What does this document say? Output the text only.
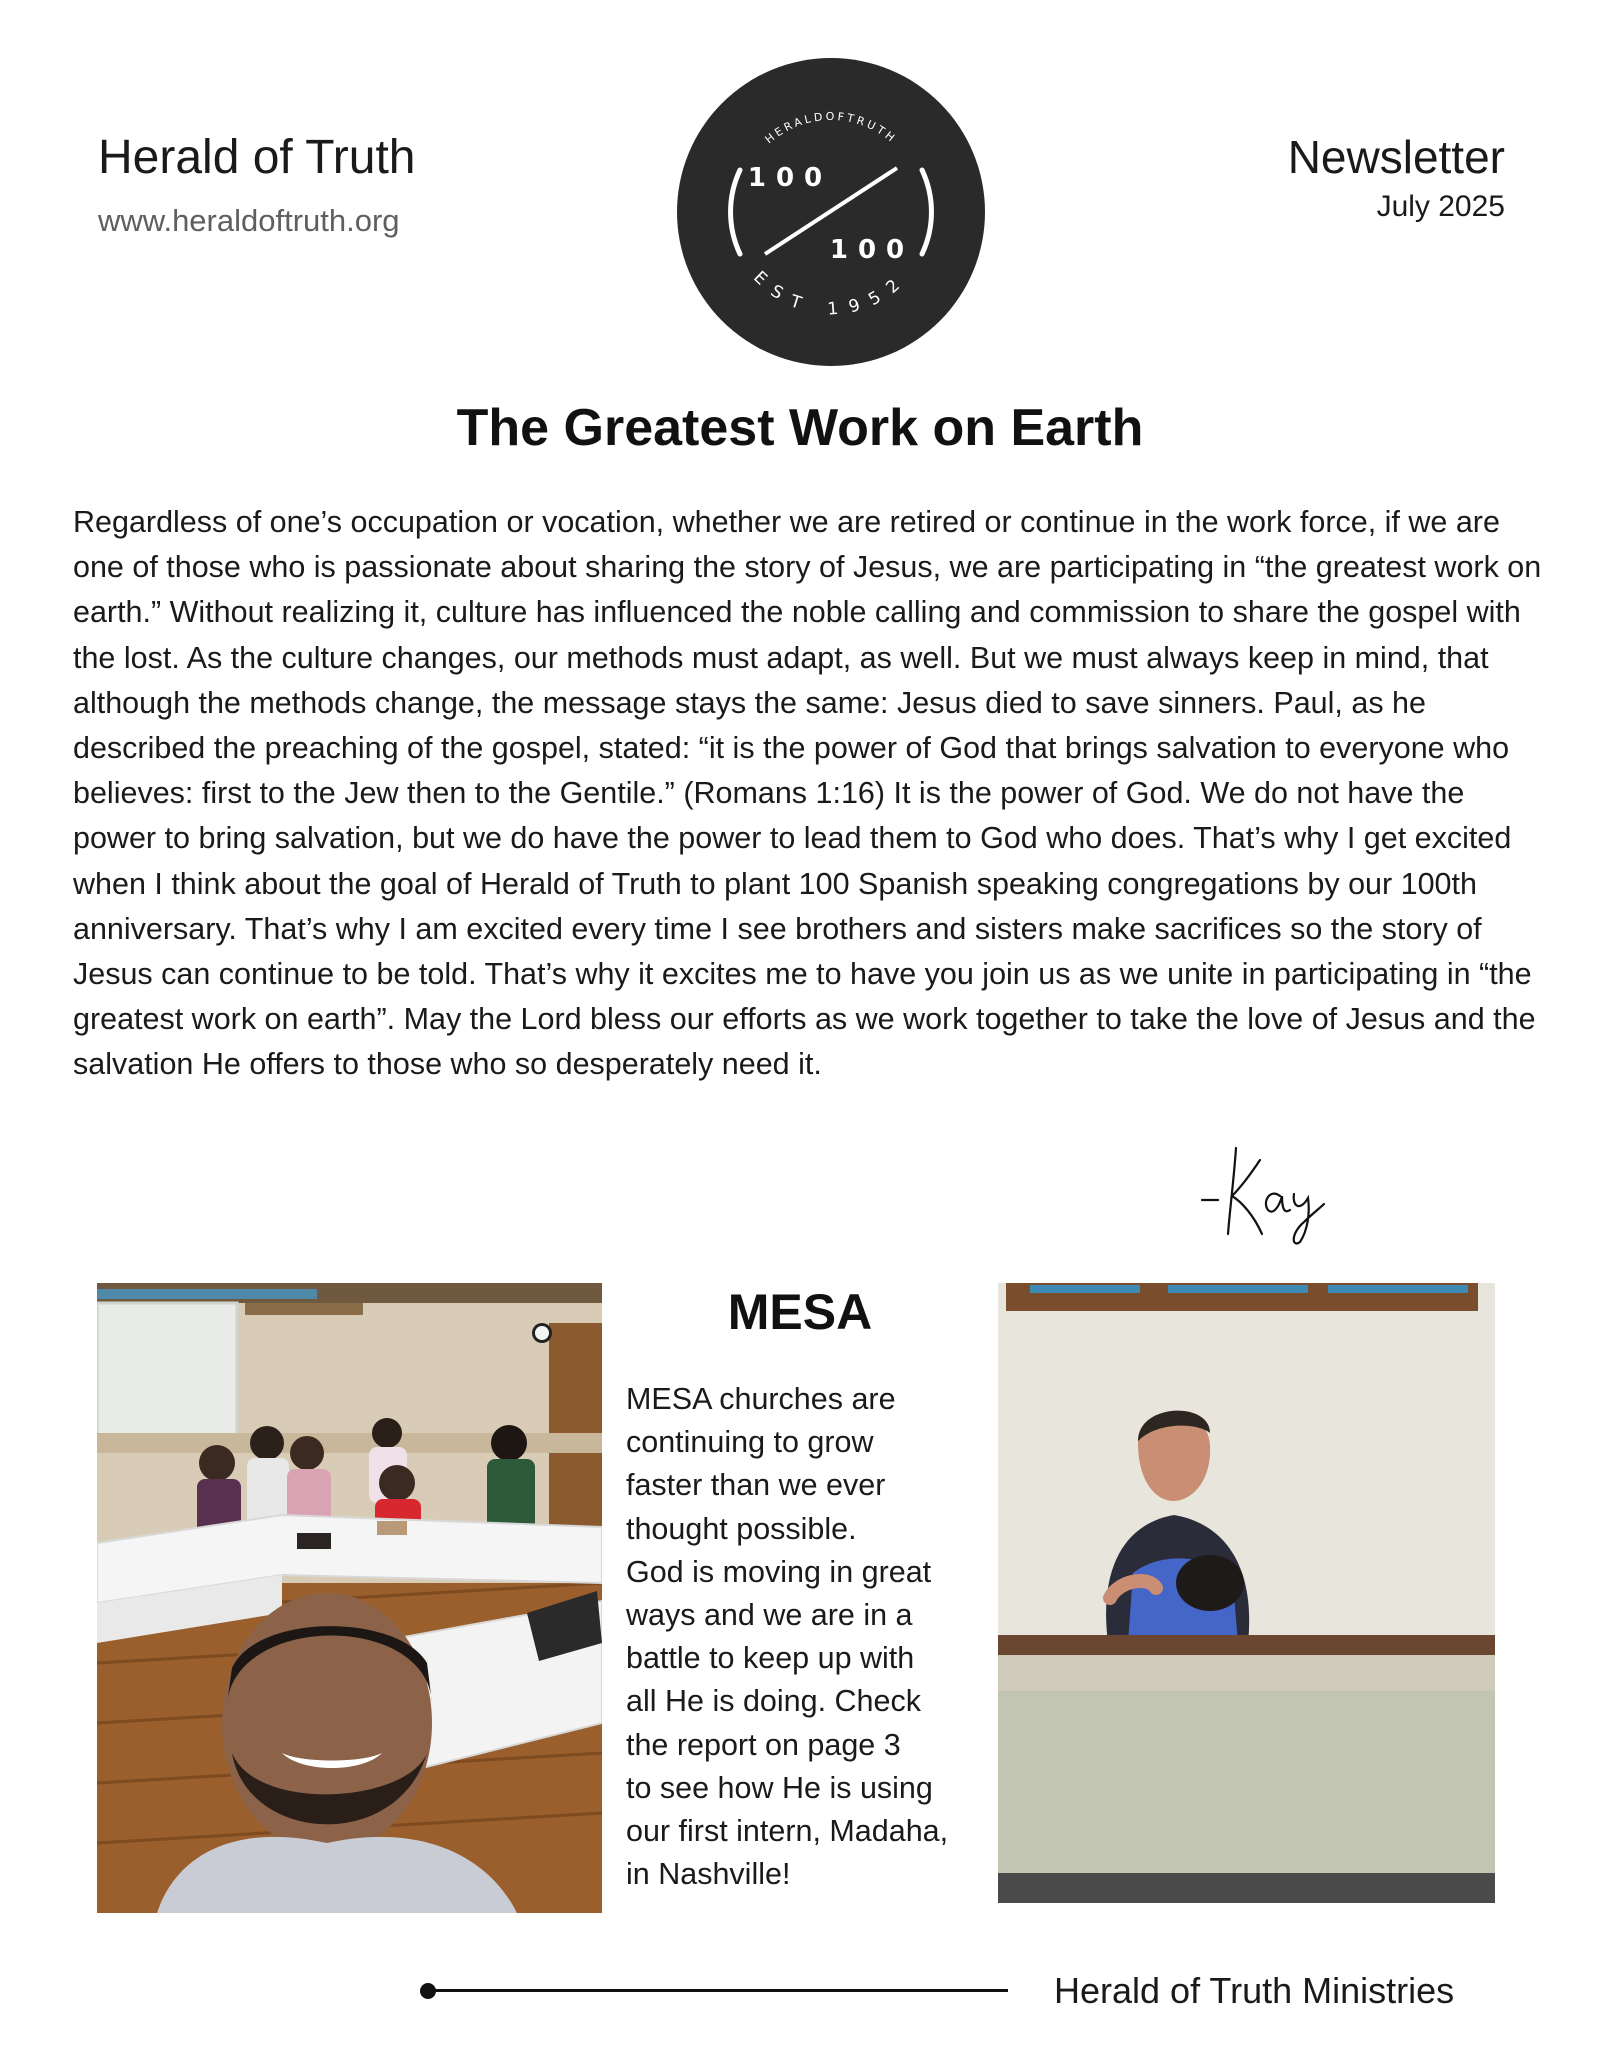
Herald of Truth
www.heraldoftruth.org
HERALDOFTRUTH
EST 1952
100
100
Newsletter
July 2025
The Greatest Work on Earth

Regardless of one’s occupation or vocation, whether we are retired or continue in the work force, if we are one of those who is passionate about sharing the story of Jesus, we are participating in “the greatest work on earth.” Without realizing it, culture has influenced the noble calling and commission to share the gospel with the lost. As the culture changes, our methods must adapt, as well. But we must always keep in mind, that although the methods change, the message stays the same: Jesus died to save sinners. Paul, as he described the preaching of the gospel, stated: “it is the power of God that brings salvation to everyone who believes: first to the Jew then to the Gentile.” (Romans 1:16) It is the power of God. We do not have the power to bring salvation, but we do have the power to lead them to God who does. That’s why I get excited when I think about the goal of Herald of Truth to plant 100 Spanish speaking congregations by our 100th anniversary. That’s why I am excited every time I see brothers and sisters make sacrifices so the story of Jesus can continue to be told. That’s why it excites me to have you join us as we unite in participating in “the greatest work on earth”. May the Lord bless our efforts as we work together to take the love of Jesus and the salvation He offers to those who so desperately need it.

MESA

MESA churches are
continuing to grow
faster than we ever
thought possible.
God is moving in great
ways and we are in a
battle to keep up with
all He is doing. Check
the report on page 3
to see how He is using
our first intern, Madaha,
in Nashville!

Herald of Truth Ministries
